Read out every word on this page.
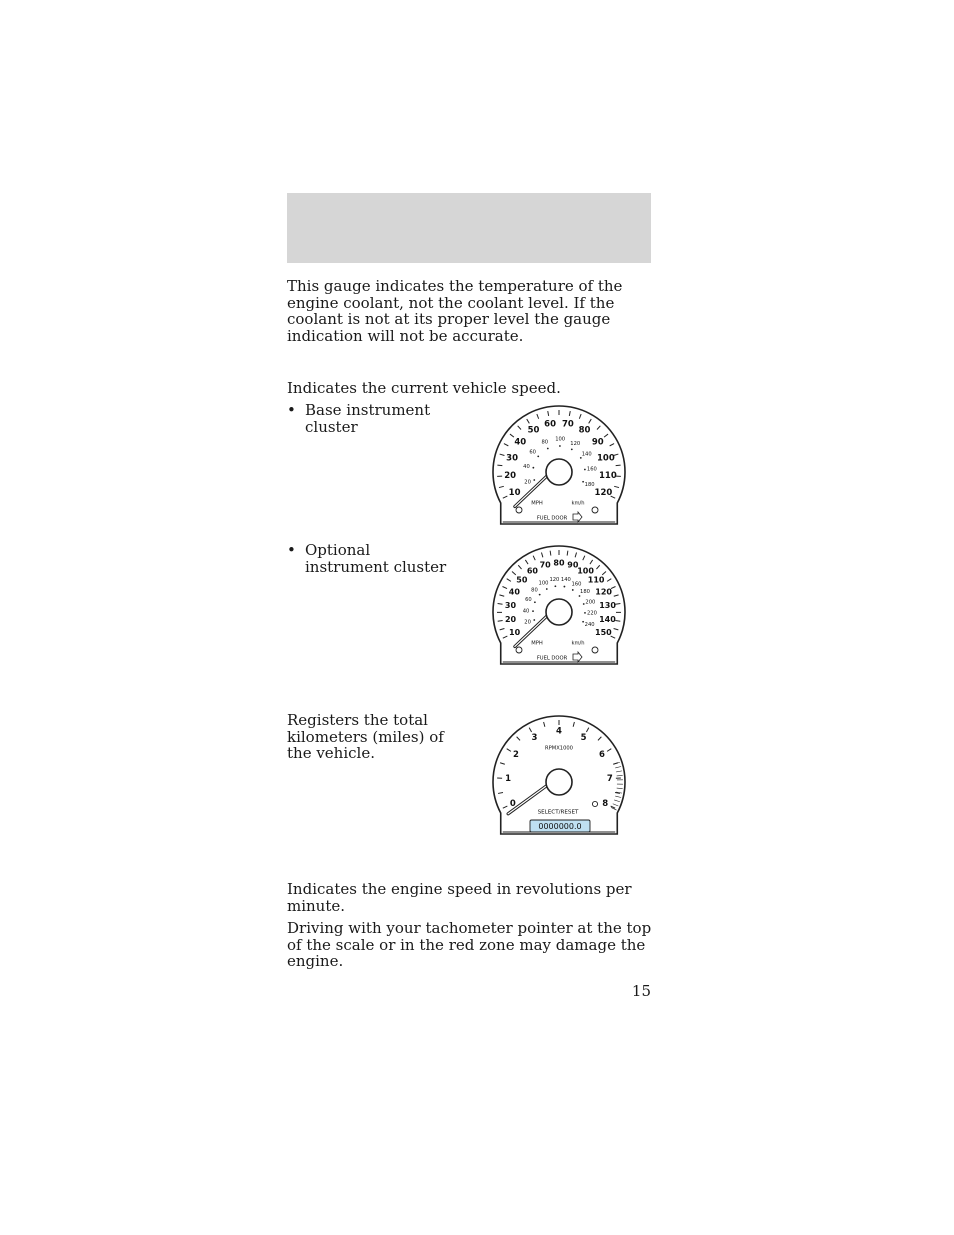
This gauge indicates the temperature of the engine coolant, not the coolant level. If the coolant is not at its proper level the gauge indication will not be accurate.

Indicates the current vehicle speed.

• Base instrument cluster
10
20
30
40
50
60 70
80
90
100
110
120
20
40
60
80
100
120
140
160
180
MPH	km/h
FUEL DOOR
• Optional instrument cluster
10
20
30
40
50
60
70 80 90
100
110
120
130
140
150
20
40
60
80
100
120 140
160
180
200
220
240
MPH	km/h
FUEL DOOR

Registers the total kilometers (miles) of the vehicle.

0
1
2
3
4
5
6
7
8
RPMX1000
SELECT/RESET
0000000.0

Indicates the engine speed in revolutions per minute.

Driving with your tachometer pointer at the top of the scale or in the red zone may damage the engine.

15
